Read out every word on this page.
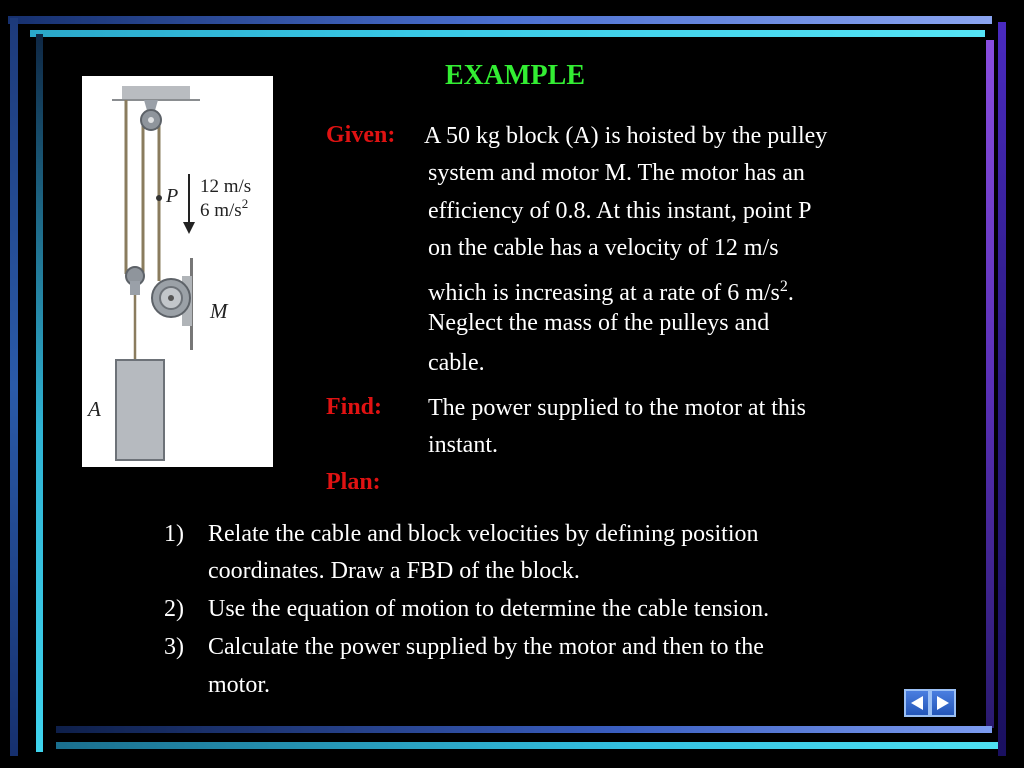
P 12 m/s
6 $m/s^2$
M
A
EXAMPLE
Given: A 50 kg block (A) is hoisted by the pulley
system and motor M. The motor has an
efficiency of 0.8. At this instant, point P
on the cable has a velocity of 12 m/s
which is increasing at a rate of 6 $m/s^2$.
Neglect the mass of the pulleys and
cable.
Find: The power supplied to the motor at this
instant.
Plan:
1) Relate the cable and block velocities by defining position
coordinates. Draw a FBD of the block.
2) Use the equation of motion to determine the cable tension.
3) Calculate the power supplied by the motor and then to the
motor.
